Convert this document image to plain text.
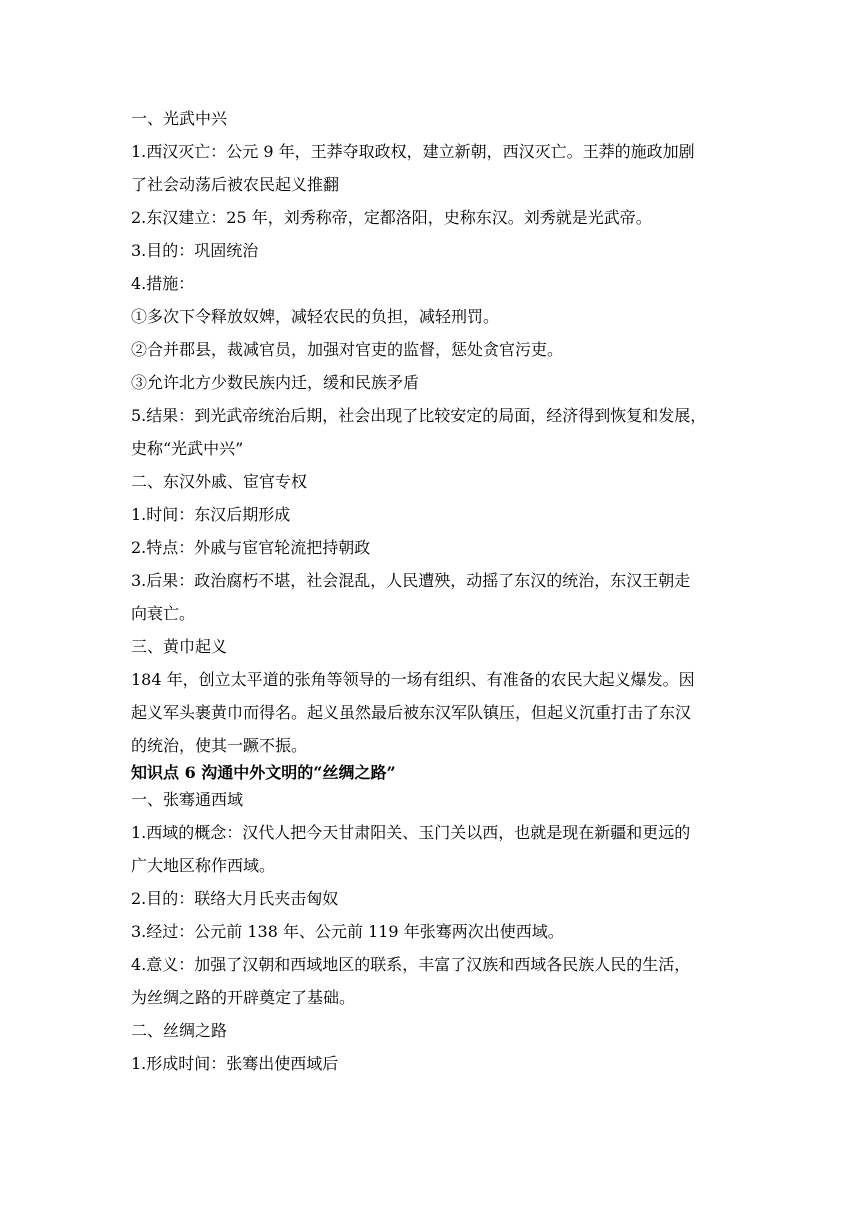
一、光武中兴
1.西汉灭亡：公元 9 年，王莽夺取政权，建立新朝，西汉灭亡。王莽的施政加剧
了社会动荡后被农民起义推翻
2.东汉建立：25 年，刘秀称帝，定都洛阳，史称东汉。刘秀就是光武帝。
3.目的：巩固统治
4.措施：
①多次下令释放奴婢，减轻农民的负担，减轻刑罚。
②合并郡县，裁减官员，加强对官吏的监督，惩处贪官污吏。
③允许北方少数民族内迁，缓和民族矛盾
5.结果：到光武帝统治后期，社会出现了比较安定的局面，经济得到恢复和发展，
史称“光武中兴”
二、东汉外戚、宦官专权
1.时间：东汉后期形成
2.特点：外戚与宦官轮流把持朝政
3.后果：政治腐朽不堪，社会混乱，人民遭殃，动摇了东汉的统治，东汉王朝走
向衰亡。
三、黄巾起义
184 年，创立太平道的张角等领导的一场有组织、有准备的农民大起义爆发。因
起义军头裹黄巾而得名。起义虽然最后被东汉军队镇压，但起义沉重打击了东汉
的统治，使其一蹶不振。
知识点 6 沟通中外文明的“丝绸之路”
一、张骞通西域
1.西域的概念：汉代人把今天甘肃阳关、玉门关以西，也就是现在新疆和更远的
广大地区称作西域。
2.目的：联络大月氏夹击匈奴
3.经过：公元前 138 年、公元前 119 年张骞两次出使西域。
4.意义：加强了汉朝和西域地区的联系，丰富了汉族和西域各民族人民的生活，
为丝绸之路的开辟奠定了基础。
二、丝绸之路
1.形成时间：张骞出使西域后
